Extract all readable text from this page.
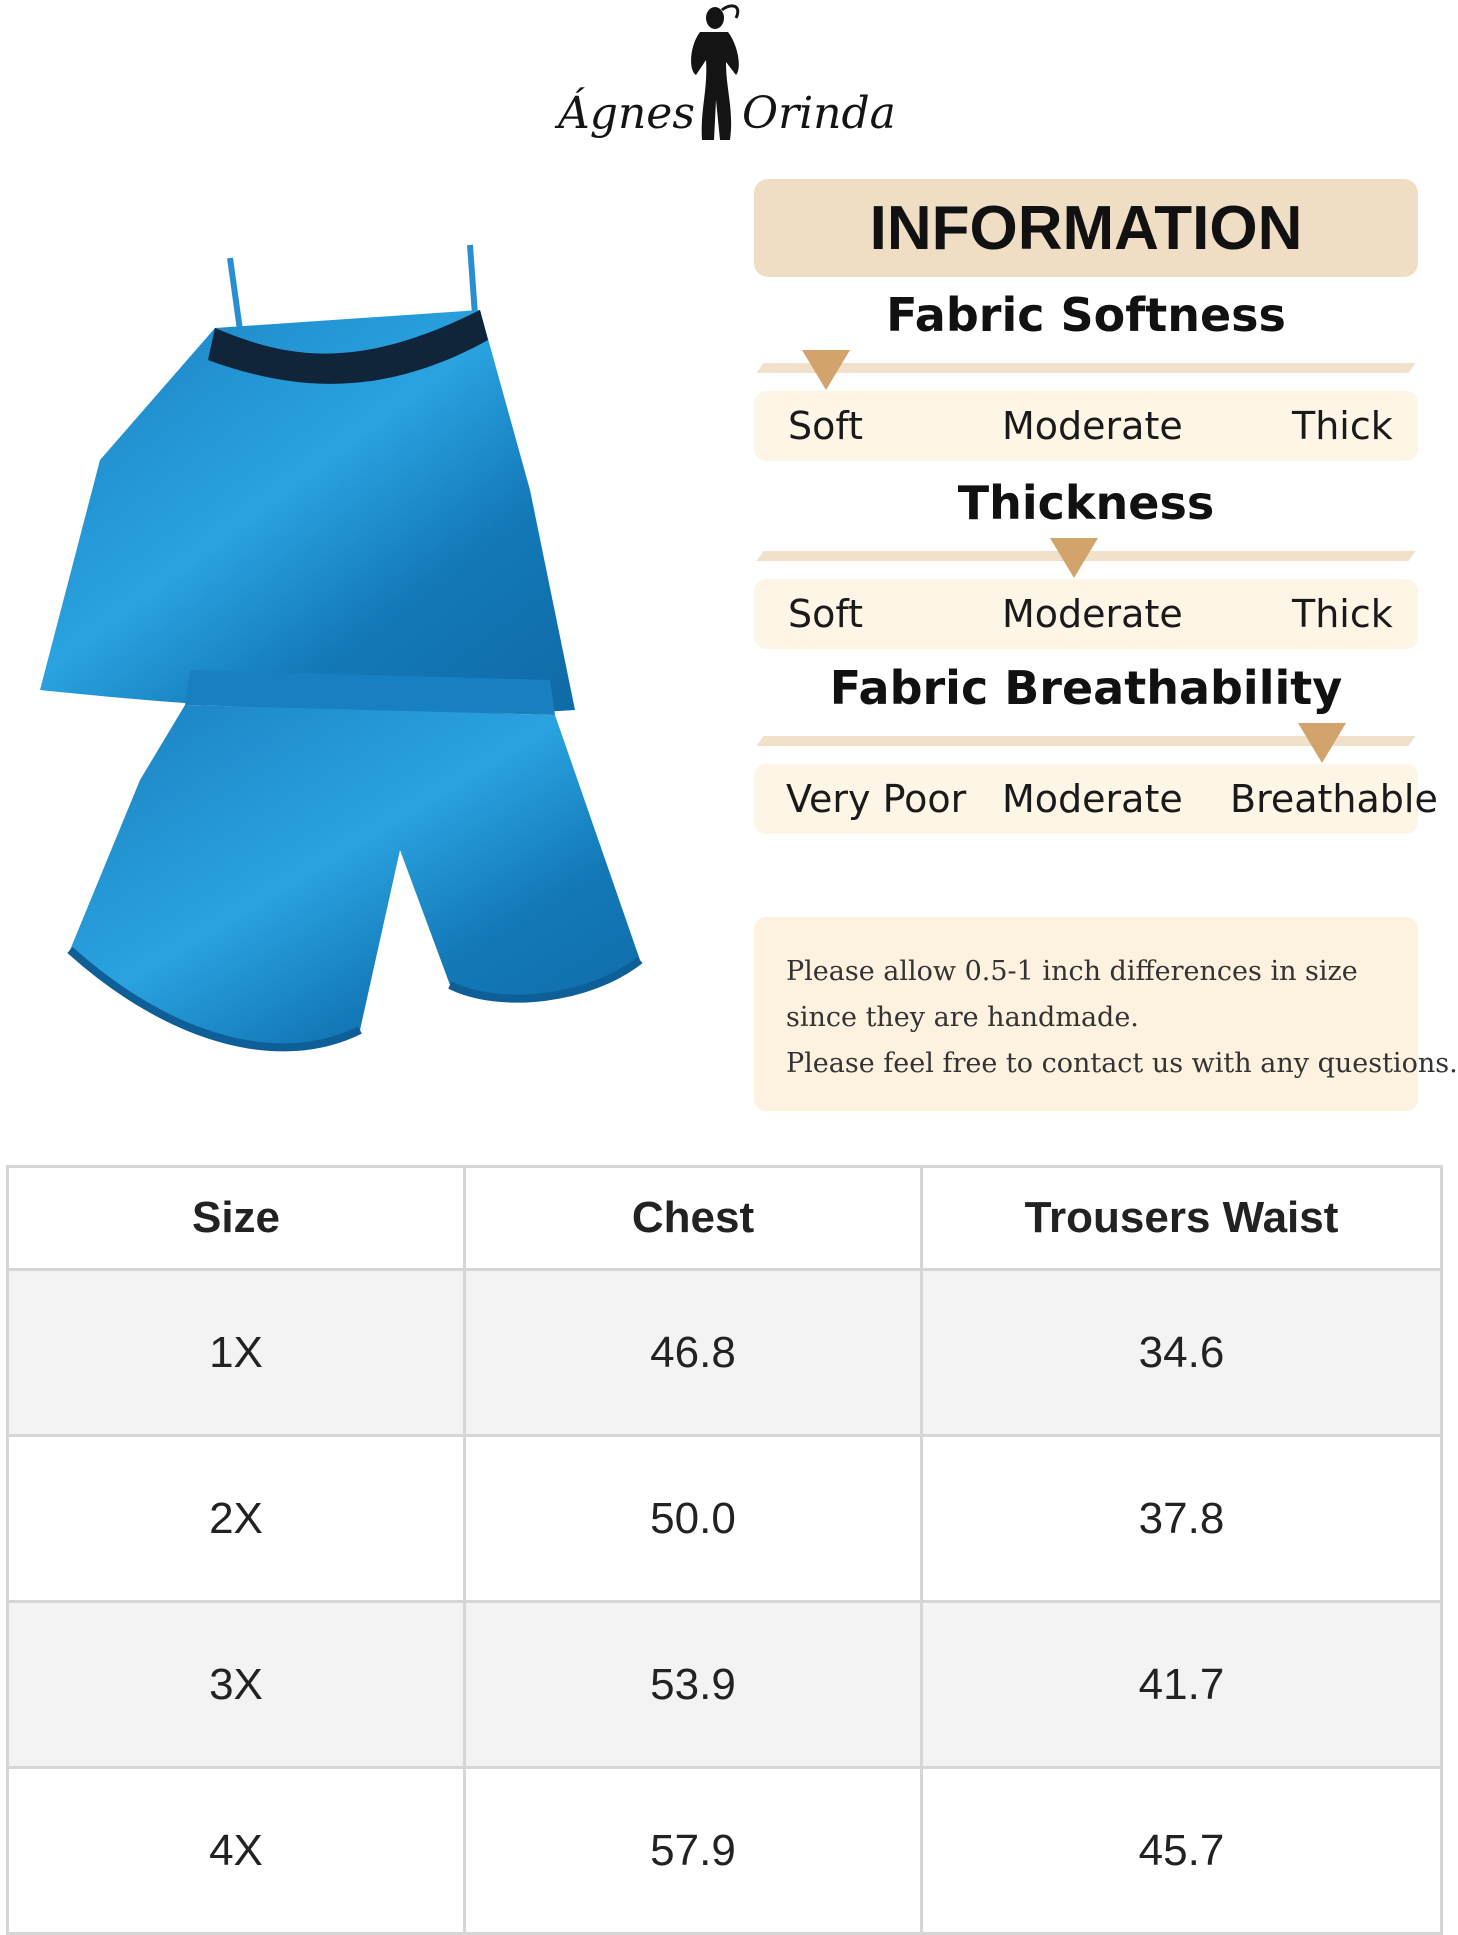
Ágnes Orinda
INFORMATION
Fabric Softness
Soft	Moderate	Thick
Thickness
Soft	Moderate	Thick
Fabric Breathability
Very Poor Moderate Breathable
Please allow 0.5-1 inch differences in size
since they are handmade.
Please feel free to contact us with any questions.
Size	Chest	Trousers Waist
1X	46.8	34.6
2X	50.0	37.8
3X	53.9	41.7
4X	57.9	45.7
